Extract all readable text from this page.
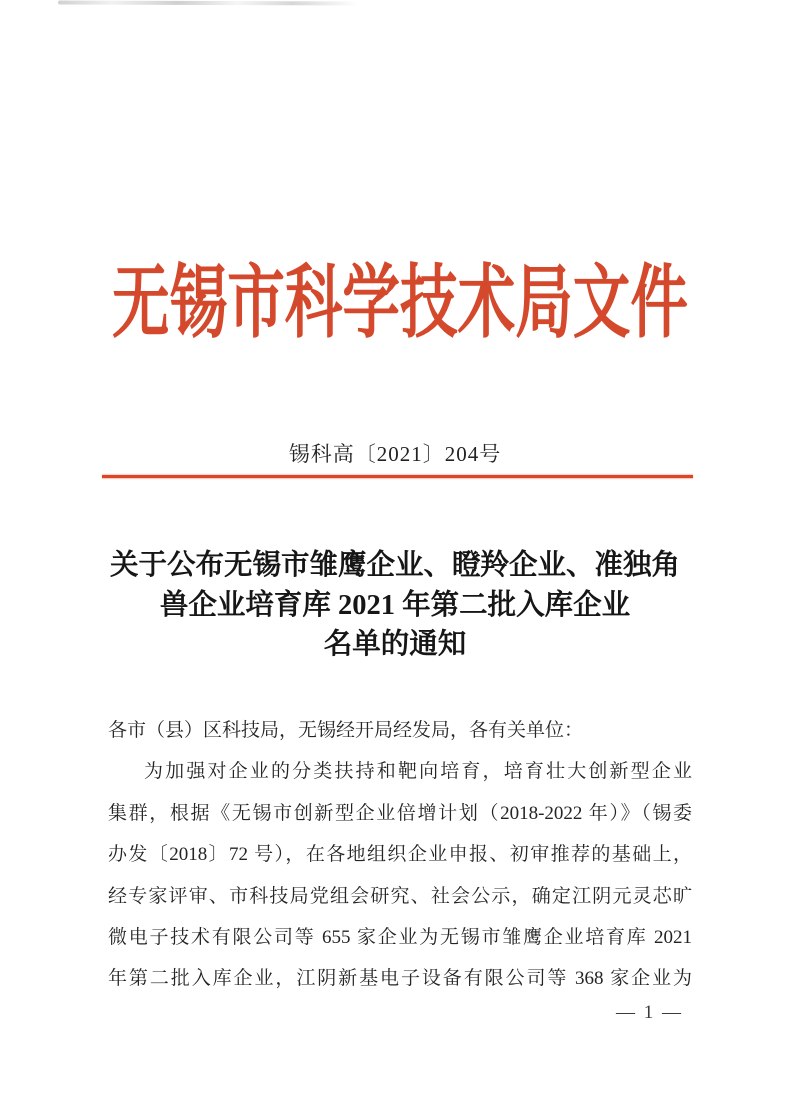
无锡市科学技术局文件
锡科高〔2021〕204号
关于公布无锡市雏鹰企业、瞪羚企业、准独角
兽企业培育库 2021 年第二批入库企业
名单的通知
各市（县）区科技局，无锡经开局经发局，各有关单位：
为加强对企业的分类扶持和靶向培育，培育壮大创新型企业
集群，根据《无锡市创新型企业倍增计划（2018-2022 年）》（锡委
办发〔2018〕72 号），在各地组织企业申报、初审推荐的基础上，
经专家评审、市科技局党组会研究、社会公示，确定江阴元灵芯旷
微电子技术有限公司等 655 家企业为无锡市雏鹰企业培育库 2021
年第二批入库企业，江阴新基电子设备有限公司等 368 家企业为
— 1 —
